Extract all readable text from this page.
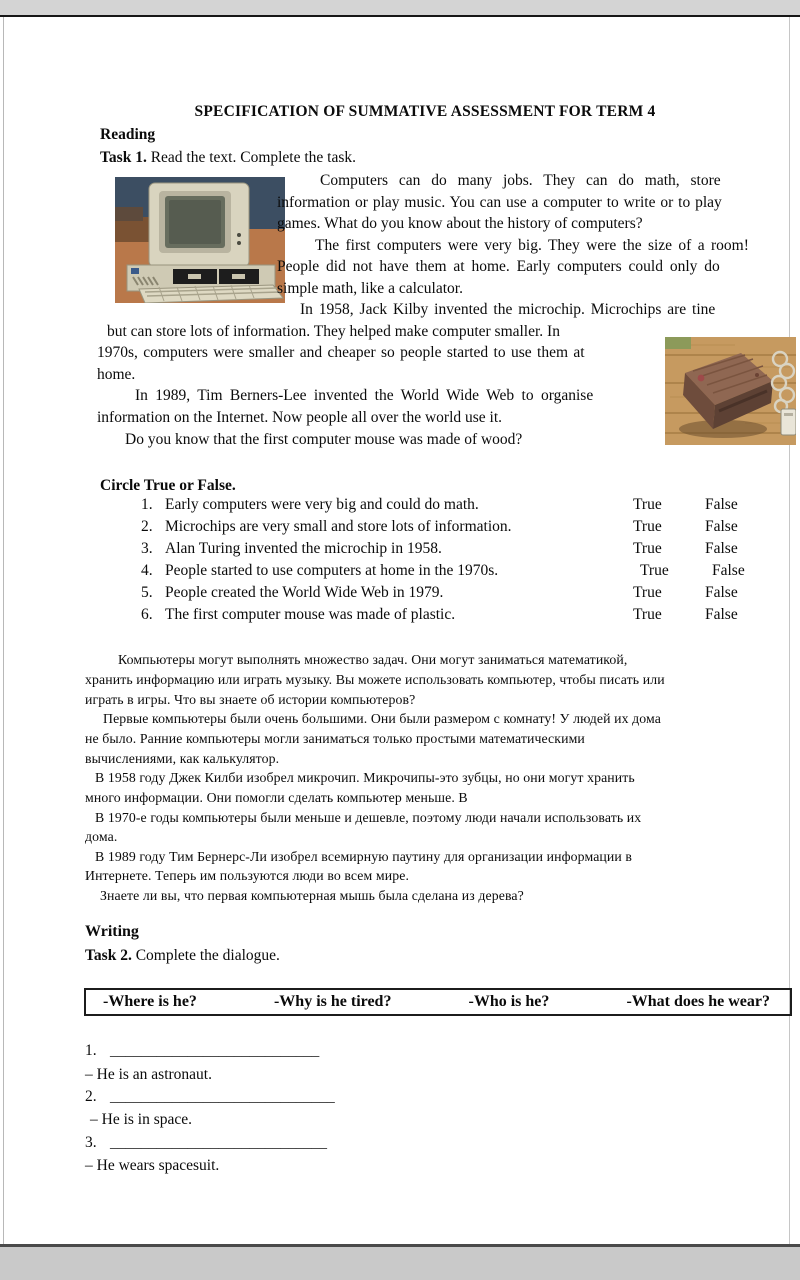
SPECIFICATION OF SUMMATIVE ASSESSMENT FOR TERM 4
Reading
Task 1. Read the text. Complete the task.
Computers can do many jobs. They can do math, store
information or play music. You can use a computer to write or to play
games. What do you know about the history of computers?
The first computers were very big. They were the size of a room!
People did not have them at home. Early computers could only do
simple math, like a calculator.
In 1958, Jack Kilby invented the microchip. Microchips are tine
but can store lots of information. They helped make computer smaller. In
1970s, computers were smaller and cheaper so people started to use them at
home.
In 1989, Tim Berners-Lee invented the World Wide Web to organise
information on the Internet. Now people all over the world use it.
Do you know that the first computer mouse was made of wood?
Circle True or False.
1. Early computers were very big and could do math.	True	False
2. Microchips are very small and store lots of information.	True	False
3. Alan Turing invented the microchip in 1958.	True	False
4. People started to use computers at home in the 1970s.	True	False
5. People created the World Wide Web in 1979.	True	False
6. The first computer mouse was made of plastic.	True	False
Компьютеры могут выполнять множество задач. Они могут заниматься математикой,
хранить информацию или играть музыку. Вы можете использовать компьютер, чтобы писать или
играть в игры. Что вы знаете об истории компьютеров?
Первые компьютеры были очень большими. Они были размером с комнату! У людей их дома
не было. Ранние компьютеры могли заниматься только простыми математическими
вычислениями, как калькулятор.
В 1958 году Джек Килби изобрел микрочип. Микрочипы-это зубцы, но они могут хранить
много информации. Они помогли сделать компьютер меньше. В
В 1970-е годы компьютеры были меньше и дешевле, поэтому люди начали использовать их
дома.
В 1989 году Тим Бернерс-Ли изобрел всемирную паутину для организации информации в
Интернете. Теперь им пользуются люди во всем мире.
Знаете ли вы, что первая компьютерная мышь была сделана из дерева?
Writing
Task 2. Complete the dialogue.
-Where is he?	-Why is he tired?	-Who is he?	-What does he wear?
1. ___________________________
– He is an astronaut.
2. _____________________________
– He is in space.
3. ____________________________
– He wears spacesuit.
